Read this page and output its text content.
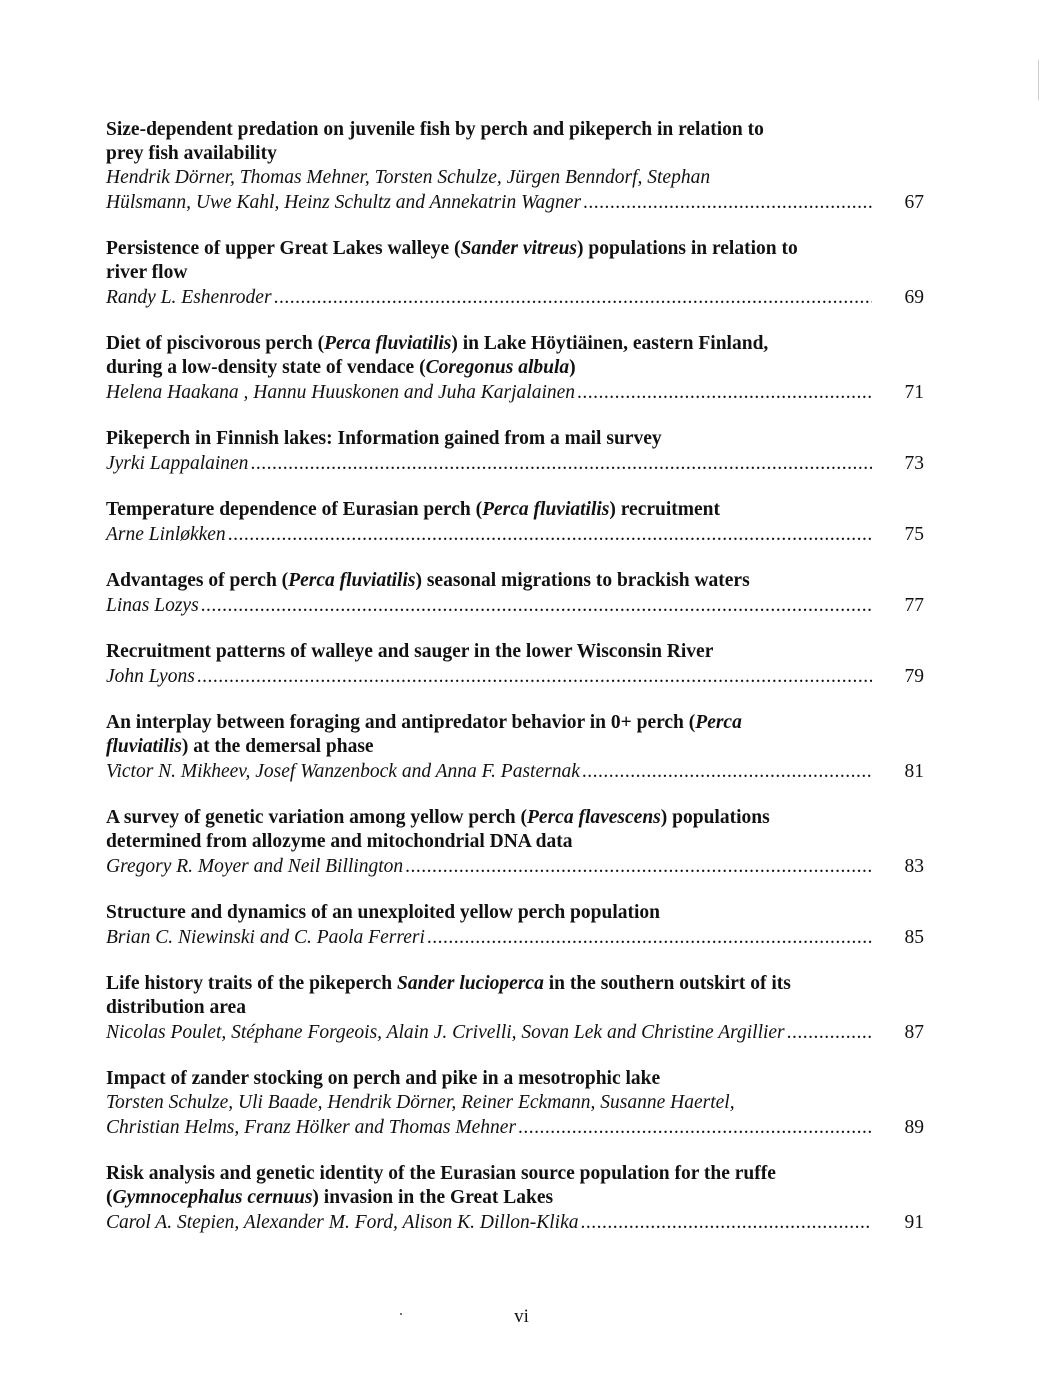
Size-dependent predation on juvenile fish by perch and pikeperch in relation to

prey fish availability

Hendrik Dörner, Thomas Mehner, Torsten Schulze, Jürgen Benndorf, Stephan

Hülsmann, Uwe Kahl, Heinz Schultz and Annekatrin Wagner .....	67

Persistence of upper Great Lakes walleye (Sander vitreus) populations in relation to

river flow

Randy L. Eshenroder .....	69

Diet of piscivorous perch (Perca fluviatilis) in Lake Höytiäinen, eastern Finland,

during a low-density state of vendace (Coregonus albula)

Helena Haakana , Hannu Huuskonen and Juha Karjalainen .....	71

Pikeperch in Finnish lakes: Information gained from a mail survey

Jyrki Lappalainen .....	73

Temperature dependence of Eurasian perch (Perca fluviatilis) recruitment

Arne Linløkken .....	75

Advantages of perch (Perca fluviatilis) seasonal migrations to brackish waters

Linas Lozys .....	77

Recruitment patterns of walleye and sauger in the lower Wisconsin River

John Lyons .....	79

An interplay between foraging and antipredator behavior in 0+ perch (Perca

fluviatilis) at the demersal phase

Victor N. Mikheev, Josef Wanzenbock and Anna F. Pasternak .....	81

A survey of genetic variation among yellow perch (Perca flavescens) populations

determined from allozyme and mitochondrial DNA data

Gregory R. Moyer and Neil Billington .....	83

Structure and dynamics of an unexploited yellow perch population

Brian C. Niewinski and C. Paola Ferreri .....	85

Life history traits of the pikeperch Sander lucioperca in the southern outskirt of its

distribution area

Nicolas Poulet, Stéphane Forgeois, Alain J. Crivelli, Sovan Lek and Christine Argillier .....	87

Impact of zander stocking on perch and pike in a mesotrophic lake

Torsten Schulze, Uli Baade, Hendrik Dörner, Reiner Eckmann, Susanne Haertel,

Christian Helms, Franz Hölker and Thomas Mehner .....	89

Risk analysis and genetic identity of the Eurasian source population for the ruffe

(Gymnocephalus cernuus) invasion in the Great Lakes

Carol A. Stepien, Alexander M. Ford, Alison K. Dillon-Klika .....	91
vi
